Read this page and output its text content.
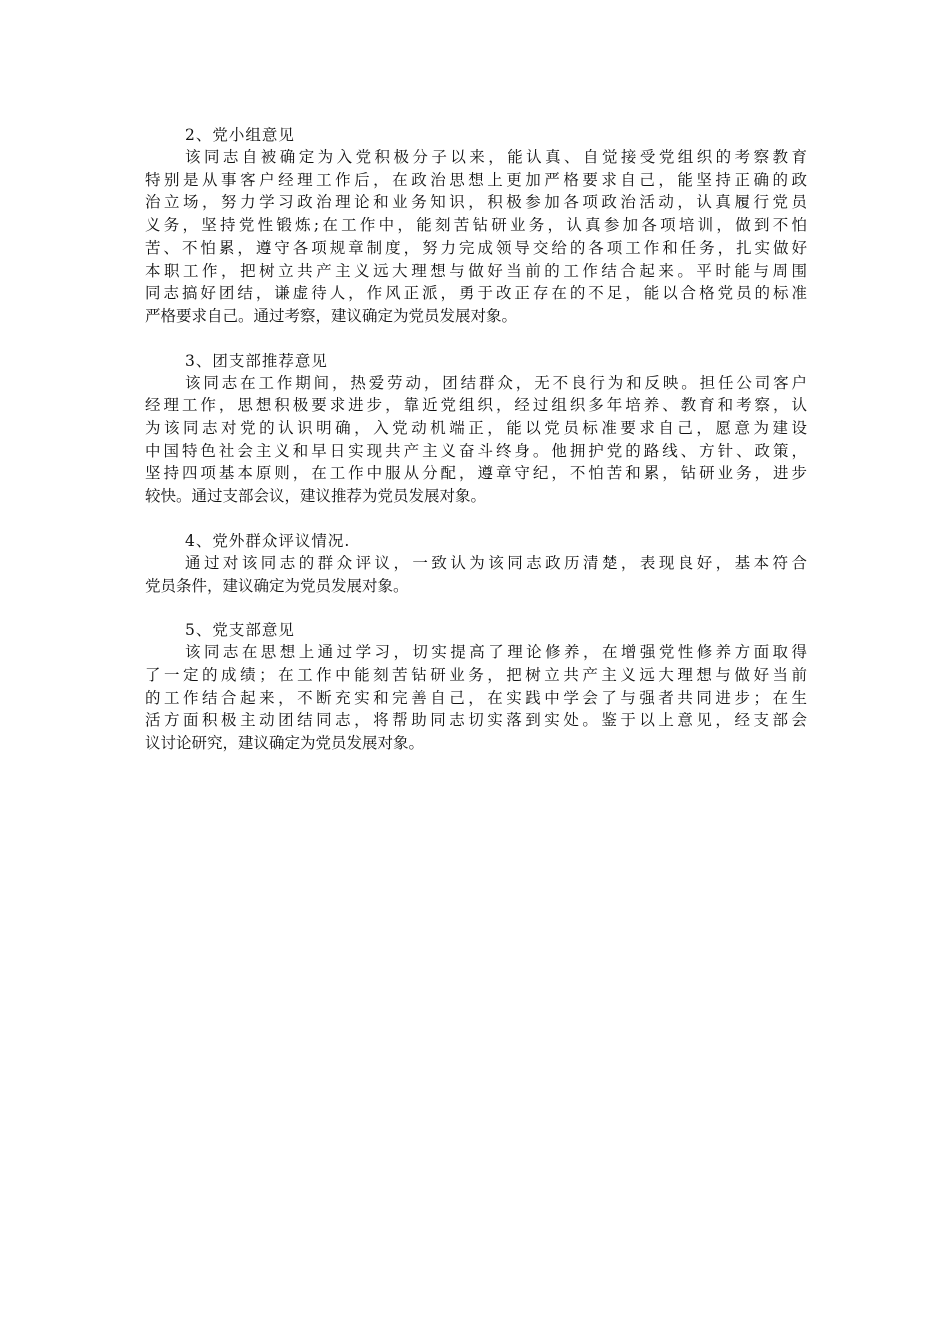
2、党小组意见
该同志自被确定为入党积极分子以来，能认真、自觉接受党组织的考察教育
特别是从事客户经理工作后，在政治思想上更加严格要求自己，能坚持正确的政
治立场，努力学习政治理论和业务知识，积极参加各项政治活动，认真履行党员
义务，坚持党性锻炼;在工作中，能刻苦钻研业务，认真参加各项培训，做到不怕
苦、不怕累，遵守各项规章制度，努力完成领导交给的各项工作和任务，扎实做好
本职工作，把树立共产主义远大理想与做好当前的工作结合起来。平时能与周围
同志搞好团结，谦虚待人，作风正派，勇于改正存在的不足，能以合格党员的标准
严格要求自己。通过考察，建议确定为党员发展对象。
3、团支部推荐意见
该同志在工作期间，热爱劳动，团结群众，无不良行为和反映。担任公司客户
经理工作，思想积极要求进步，靠近党组织，经过组织多年培养、教育和考察，认
为该同志对党的认识明确，入党动机端正，能以党员标准要求自己，愿意为建设
中国特色社会主义和早日实现共产主义奋斗终身。他拥护党的路线、方针、政策，
坚持四项基本原则，在工作中服从分配，遵章守纪，不怕苦和累，钻研业务，进步
较快。通过支部会议，建议推荐为党员发展对象。
4、党外群众评议情况.
通过对该同志的群众评议，一致认为该同志政历清楚，表现良好，基本符合
党员条件，建议确定为党员发展对象。
5、党支部意见
该同志在思想上通过学习，切实提高了理论修养，在增强党性修养方面取得
了一定的成绩；在工作中能刻苦钻研业务，把树立共产主义远大理想与做好当前
的工作结合起来，不断充实和完善自己，在实践中学会了与强者共同进步；在生
活方面积极主动团结同志，将帮助同志切实落到实处。鉴于以上意见，经支部会
议讨论研究，建议确定为党员发展对象。
